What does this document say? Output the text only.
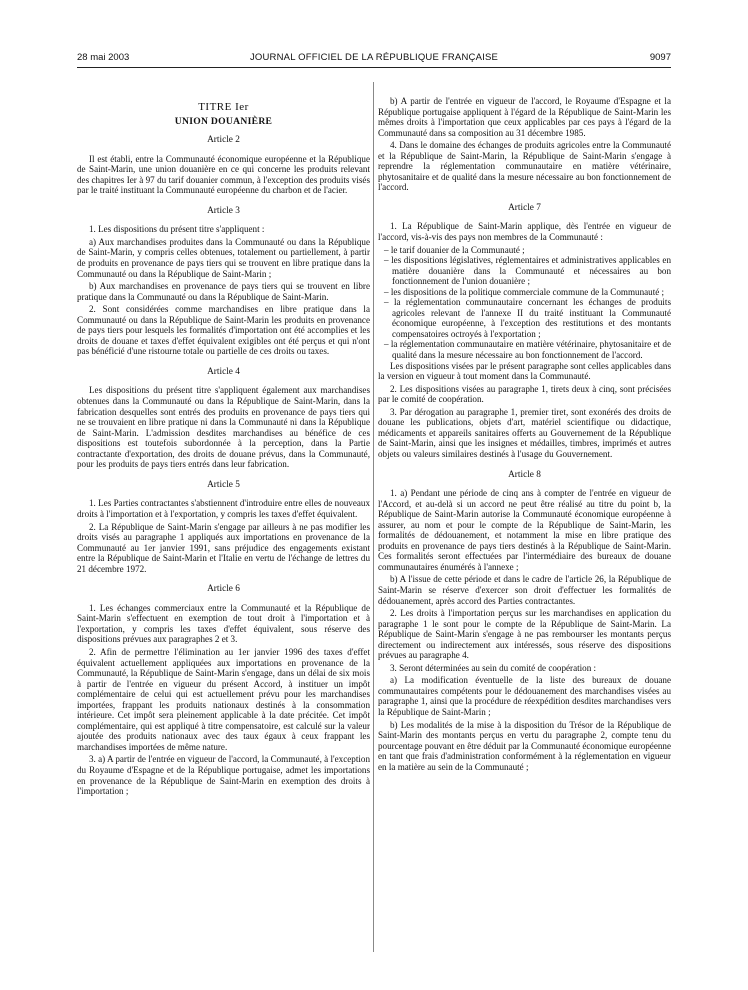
28 mai 2003	JOURNAL OFFICIEL DE LA RÉPUBLIQUE FRANÇAISE	9097
TITRE Ier
UNION DOUANIÈRE
Article 2

Il est établi, entre la Communauté économique européenne et la République de Saint-Marin, une union douanière en ce qui concerne les produits relevant des chapitres Ier à 97 du tarif douanier commun, à l'exception des produits visés par le traité instituant la Communauté européenne du charbon et de l'acier.

Article 3

1. Les dispositions du présent titre s'appliquent :

a) Aux marchandises produites dans la Communauté ou dans la République de Saint-Marin, y compris celles obtenues, totalement ou partiellement, à partir de produits en provenance de pays tiers qui se trouvent en libre pratique dans la Communauté ou dans la République de Saint-Marin ;

b) Aux marchandises en provenance de pays tiers qui se trouvent en libre pratique dans la Communauté ou dans la République de Saint-Marin.

2. Sont considérées comme marchandises en libre pratique dans la Communauté ou dans la République de Saint-Marin les produits en provenance de pays tiers pour lesquels les formalités d'importation ont été accomplies et les droits de douane et taxes d'effet équivalent exigibles ont été perçus et qui n'ont pas bénéficié d'une ristourne totale ou partielle de ces droits ou taxes.

Article 4

Les dispositions du présent titre s'appliquent également aux marchandises obtenues dans la Communauté ou dans la République de Saint-Marin, dans la fabrication desquelles sont entrés des produits en provenance de pays tiers qui ne se trouvaient en libre pratique ni dans la Communauté ni dans la République de Saint-Marin. L'admission desdites marchandises au bénéfice de ces dispositions est toutefois subordonnée à la perception, dans la Partie contractante d'exportation, des droits de douane prévus, dans la Communauté, pour les produits de pays tiers entrés dans leur fabrication.

Article 5

1. Les Parties contractantes s'abstiennent d'introduire entre elles de nouveaux droits à l'importation et à l'exportation, y compris les taxes d'effet équivalent.

2. La République de Saint-Marin s'engage par ailleurs à ne pas modifier les droits visés au paragraphe 1 appliqués aux importations en provenance de la Communauté au 1er janvier 1991, sans préjudice des engagements existant entre la République de Saint-Marin et l'Italie en vertu de l'échange de lettres du 21 décembre 1972.

Article 6

1. Les échanges commerciaux entre la Communauté et la République de Saint-Marin s'effectuent en exemption de tout droit à l'importation et à l'exportation, y compris les taxes d'effet équivalent, sous réserve des dispositions prévues aux paragraphes 2 et 3.

2. Afin de permettre l'élimination au 1er janvier 1996 des taxes d'effet équivalent actuellement appliquées aux importations en provenance de la Communauté, la République de Saint-Marin s'engage, dans un délai de six mois à partir de l'entrée en vigueur du présent Accord, à instituer un impôt complémentaire de celui qui est actuellement prévu pour les marchandises importées, frappant les produits nationaux destinés à la consommation intérieure. Cet impôt sera pleinement applicable à la date précitée. Cet impôt complémentaire, qui est appliqué à titre compensatoire, est calculé sur la valeur ajoutée des produits nationaux avec des taux égaux à ceux frappant les marchandises importées de même nature.

3. a) A partir de l'entrée en vigueur de l'accord, la Communauté, à l'exception du Royaume d'Espagne et de la République portugaise, admet les importations en provenance de la République de Saint-Marin en exemption des droits à l'importation ;

b) A partir de l'entrée en vigueur de l'accord, le Royaume d'Espagne et la République portugaise appliquent à l'égard de la République de Saint-Marin les mêmes droits à l'importation que ceux applicables par ces pays à l'égard de la Communauté dans sa composition au 31 décembre 1985.

4. Dans le domaine des échanges de produits agricoles entre la Communauté et la République de Saint-Marin, la République de Saint-Marin s'engage à reprendre la réglementation communautaire en matière vétérinaire, phytosanitaire et de qualité dans la mesure nécessaire au bon fonctionnement de l'accord.

Article 7

1. La République de Saint-Marin applique, dès l'entrée en vigueur de l'accord, vis-à-vis des pays non membres de la Communauté :

– le tarif douanier de la Communauté ;
– les dispositions législatives, réglementaires et administratives applicables en matière douanière dans la Communauté et nécessaires au bon fonctionnement de l'union douanière ;
– les dispositions de la politique commerciale commune de la Communauté ;
– la réglementation communautaire concernant les échanges de produits agricoles relevant de l'annexe II du traité instituant la Communauté économique européenne, à l'exception des restitutions et des montants compensatoires octroyés à l'exportation ;
– la réglementation communautaire en matière vétérinaire, phytosanitaire et de qualité dans la mesure nécessaire au bon fonctionnement de l'accord.

Les dispositions visées par le présent paragraphe sont celles applicables dans la version en vigueur à tout moment dans la Communauté.

2. Les dispositions visées au paragraphe 1, tirets deux à cinq, sont précisées par le comité de coopération.

3. Par dérogation au paragraphe 1, premier tiret, sont exonérés des droits de douane les publications, objets d'art, matériel scientifique ou didactique, médicaments et appareils sanitaires offerts au Gouvernement de la République de Saint-Marin, ainsi que les insignes et médailles, timbres, imprimés et autres objets ou valeurs similaires destinés à l'usage du Gouvernement.

Article 8

1. a) Pendant une période de cinq ans à compter de l'entrée en vigueur de l'Accord, et au-delà si un accord ne peut être réalisé au titre du point b, la République de Saint-Marin autorise la Communauté économique européenne à assurer, au nom et pour le compte de la République de Saint-Marin, les formalités de dédouanement, et notamment la mise en libre pratique des produits en provenance de pays tiers destinés à la République de Saint-Marin. Ces formalités seront effectuées par l'intermédiaire des bureaux de douane communautaires énumérés à l'annexe ;

b) A l'issue de cette période et dans le cadre de l'article 26, la République de Saint-Marin se réserve d'exercer son droit d'effectuer les formalités de dédouanement, après accord des Parties contractantes.

2. Les droits à l'importation perçus sur les marchandises en application du paragraphe 1 le sont pour le compte de la République de Saint-Marin. La République de Saint-Marin s'engage à ne pas rembourser les montants perçus directement ou indirectement aux intéressés, sous réserve des dispositions prévues au paragraphe 4.

3. Seront déterminées au sein du comité de coopération :

a) La modification éventuelle de la liste des bureaux de douane communautaires compétents pour le dédouanement des marchandises visées au paragraphe 1, ainsi que la procédure de réexpédition desdites marchandises vers la République de Saint-Marin ;

b) Les modalités de la mise à la disposition du Trésor de la République de Saint-Marin des montants perçus en vertu du paragraphe 2, compte tenu du pourcentage pouvant en être déduit par la Communauté économique européenne en tant que frais d'administration conformément à la réglementation en vigueur en la matière au sein de la Communauté ;
